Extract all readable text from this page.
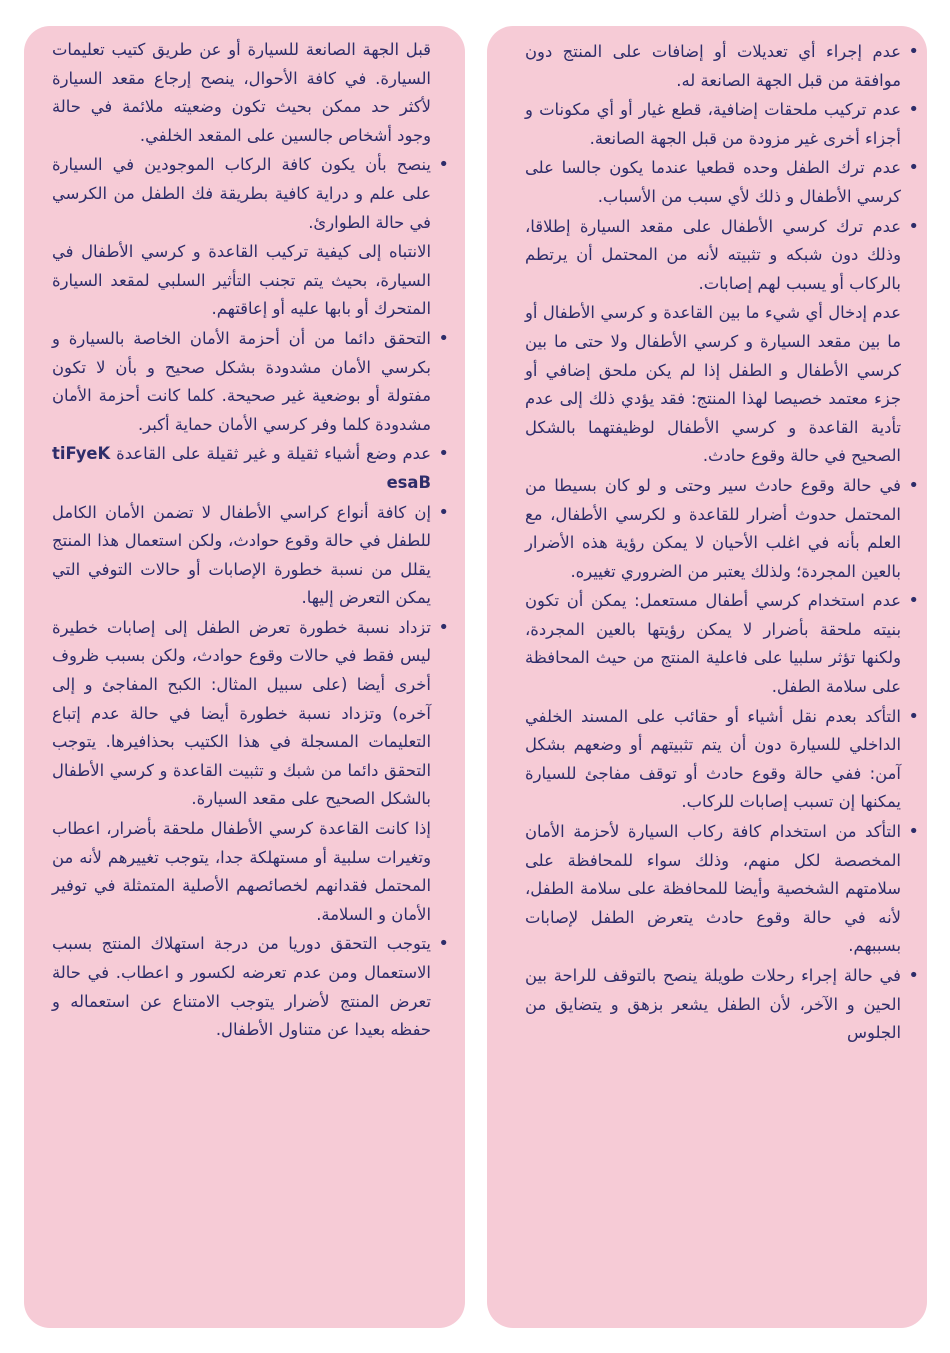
• عدم إجراء أي تعديلات أو إضافات على المنتج دون موافقة من قبل الجهة الصانعة له.
• عدم تركيب ملحقات إضافية، قطع غيار أو أي مكونات و أجزاء أخرى غير مزودة من قبل الجهة الصانعة.
• عدم ترك الطفل وحده قطعيا عندما يكون جالسا على كرسي الأطفال و ذلك لأي سبب من الأسباب.
• عدم ترك كرسي الأطفال على مقعد السيارة إطلاقا، وذلك دون شبكه و تثبيته لأنه من المحتمل أن يرتطم بالركاب أو يسبب لهم إصابات.
عدم إدخال أي شيء ما بين القاعدة و كرسي الأطفال أو ما بين مقعد السيارة و كرسي الأطفال ولا حتى ما بين كرسي الأطفال و الطفل إذا لم يكن ملحق إضافي أو جزء معتمد خصيصا لهذا المنتج: فقد يؤدي ذلك إلى عدم تأدية القاعدة و كرسي الأطفال لوظيفتهما بالشكل الصحيح في حالة وقوع حادث.
• في حالة وقوع حادث سير وحتى و لو كان بسيطا من المحتمل حدوث أضرار للقاعدة و لكرسي الأطفال، مع العلم بأنه في اغلب الأحيان لا يمكن رؤية هذه الأضرار بالعين المجردة؛ ولذلك يعتبر من الضروري تغييره.
• عدم استخدام كرسي أطفال مستعمل: يمكن أن تكون بنيته ملحقة بأضرار لا يمكن رؤيتها بالعين المجردة، ولكنها تؤثر سلبيا على فاعلية المنتج من حيث المحافظة على سلامة الطفل.
• التأكد بعدم نقل أشياء أو حقائب على المسند الخلفي الداخلي للسيارة دون أن يتم تثبيتهم أو وضعهم بشكل آمن: ففي حالة وقوع حادث أو توقف مفاجئ للسيارة يمكنها إن تسبب إصابات للركاب.
• التأكد من استخدام كافة ركاب السيارة لأحزمة الأمان المخصصة لكل منهم، وذلك سواء للمحافظة على سلامتهم الشخصية وأيضا للمحافظة على سلامة الطفل، لأنه في حالة وقوع حادث يتعرض الطفل لإصابات بسببهم.
• في حالة إجراء رحلات طويلة ينصح بالتوقف للراحة بين الحين و الآخر، لأن الطفل يشعر بزهق و يتضايق من الجلوس
قبل الجهة الصانعة للسيارة أو عن طريق كتيب تعليمات السيارة. في كافة الأحوال، ينصح إرجاع مقعد السيارة لأكثر حد ممكن بحيث تكون وضعيته ملائمة في حالة وجود أشخاص جالسين على المقعد الخلفي.
• ينصح بأن يكون كافة الركاب الموجودين في السيارة على علم و دراية كافية بطريقة فك الطفل من الكرسي في حالة الطوارئ.
الانتباه إلى كيفية تركيب القاعدة و كرسي الأطفال في السيارة، بحيث يتم تجنب التأثير السلبي لمقعد السيارة المتحرك أو بابها عليه أو إعاقتهم.
• التحقق دائما من أن أحزمة الأمان الخاصة بالسيارة و بكرسي الأمان مشدودة بشكل صحيح و بأن لا تكون مفتولة أو بوضعية غير صحيحة. كلما كانت أحزمة الأمان مشدودة كلما وفر كرسي الأمان حماية أكبر.
• عدم وضع أشياء ثقيلة و غير ثقيلة على القاعدة tiFyeK esaB
• إن كافة أنواع كراسي الأطفال لا تضمن الأمان الكامل للطفل في حالة وقوع حوادث، ولكن استعمال هذا المنتج يقلل من نسبة خطورة الإصابات أو حالات التوفي التي يمكن التعرض إليها.
• تزداد نسبة خطورة تعرض الطفل إلى إصابات خطيرة ليس فقط في حالات وقوع حوادث، ولكن بسبب ظروف أخرى أيضا (على سبيل المثال: الكبح المفاجئ و إلى آخره) وتزداد نسبة خطورة أيضا في حالة عدم إتباع التعليمات المسجلة في هذا الكتيب بحذافيرها. يتوجب التحقق دائما من شبك و تثبيت القاعدة و كرسي الأطفال بالشكل الصحيح على مقعد السيارة.
إذا كانت القاعدة كرسي الأطفال ملحقة بأضرار، اعطاب وتغيرات سلبية أو مستهلكة جدا، يتوجب تغييرهم لأنه من المحتمل فقدانهم لخصائصهم الأصلية المتمثلة في توفير الأمان و السلامة.
• يتوجب التحقق دوريا من درجة استهلاك المنتج بسبب الاستعمال ومن عدم تعرضه لكسور و اعطاب. في حالة تعرض المنتج لأضرار يتوجب الامتناع عن استعماله و حفظه بعيدا عن متناول الأطفال.
